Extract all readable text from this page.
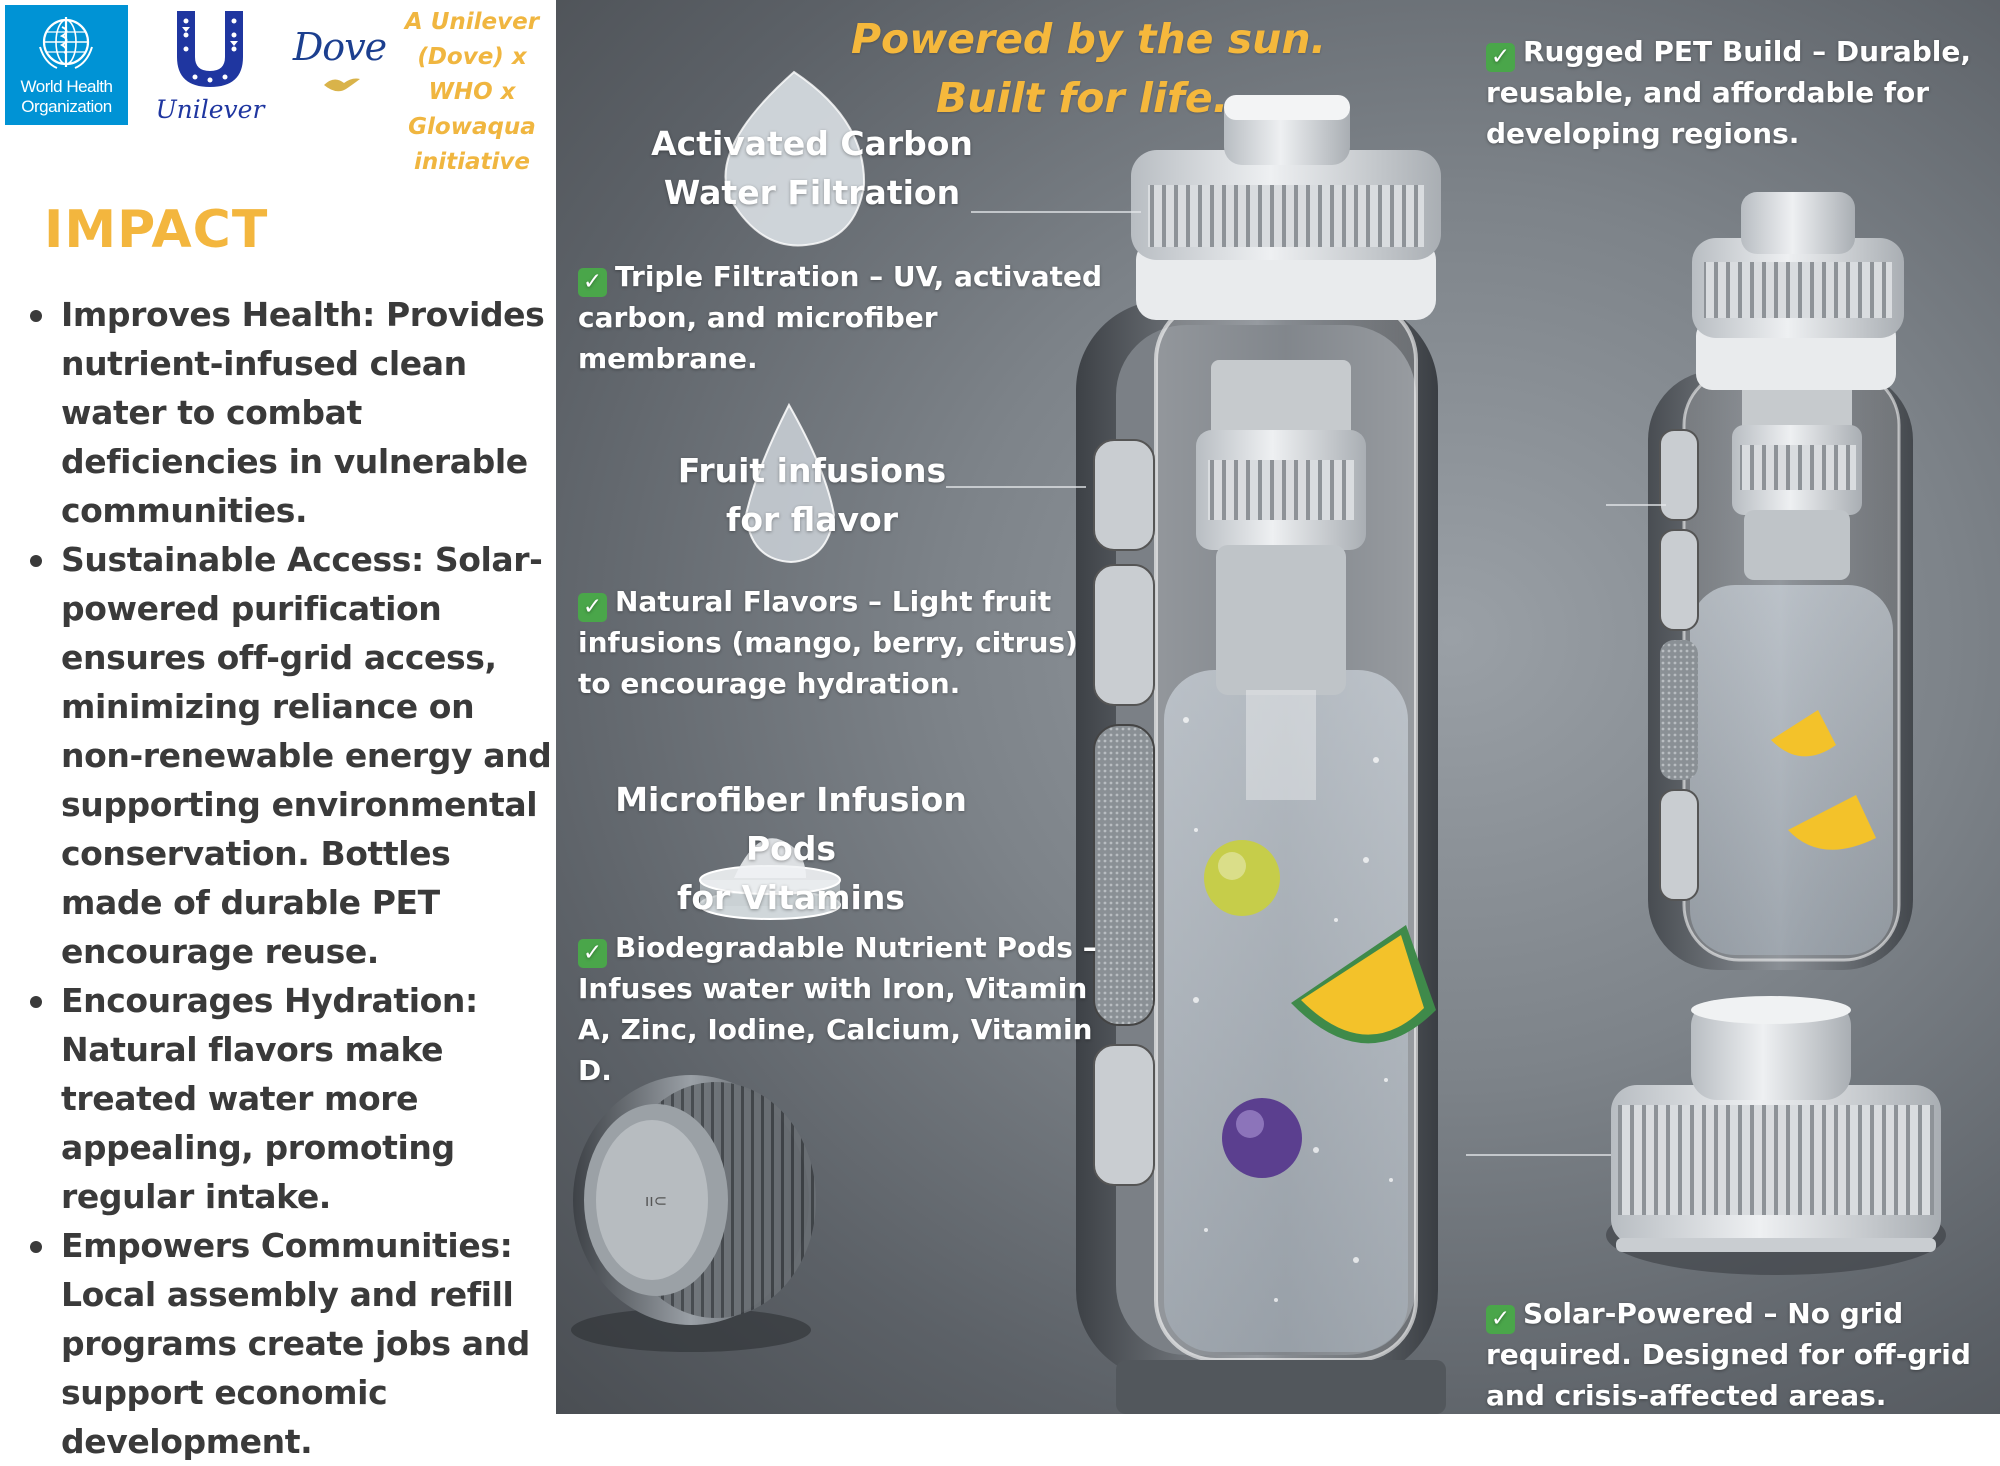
World Health
Organization	Unilever
Dove
A Unilever
(Dove) x
WHO x
Glowaqua
initiative
IMPACT
Improves Health: Provides nutrient-infused clean water to combat deficiencies in vulnerable communities.
Sustainable Access: Solar-powered purification ensures off-grid access, minimizing reliance on non-renewable energy and supporting environmental conservation. Bottles made of durable PET encourage reuse.
Encourages Hydration: Natural flavors make treated water more appealing, promoting regular intake.
Empowers Communities: Local assembly and refill programs create jobs and support economic development.
ıı⊂
Powered by the sun.
Built for life.
Activated Carbon
Water Filtration
Fruit infusions
for flavor
Microfiber Infusion Pods
for Vitamins
✓ Triple Filtration – UV, activated carbon, and microfiber membrane.
✓ Natural Flavors – Light fruit infusions (mango, berry, citrus) to encourage hydration.
✓ Biodegradable Nutrient Pods – Infuses water with Iron, Vitamin A, Zinc, Iodine, Calcium, Vitamin D.
✓ Rugged PET Build – Durable, reusable, and affordable for developing regions.
✓ Solar-Powered – No grid required. Designed for off-grid and crisis-affected areas.
